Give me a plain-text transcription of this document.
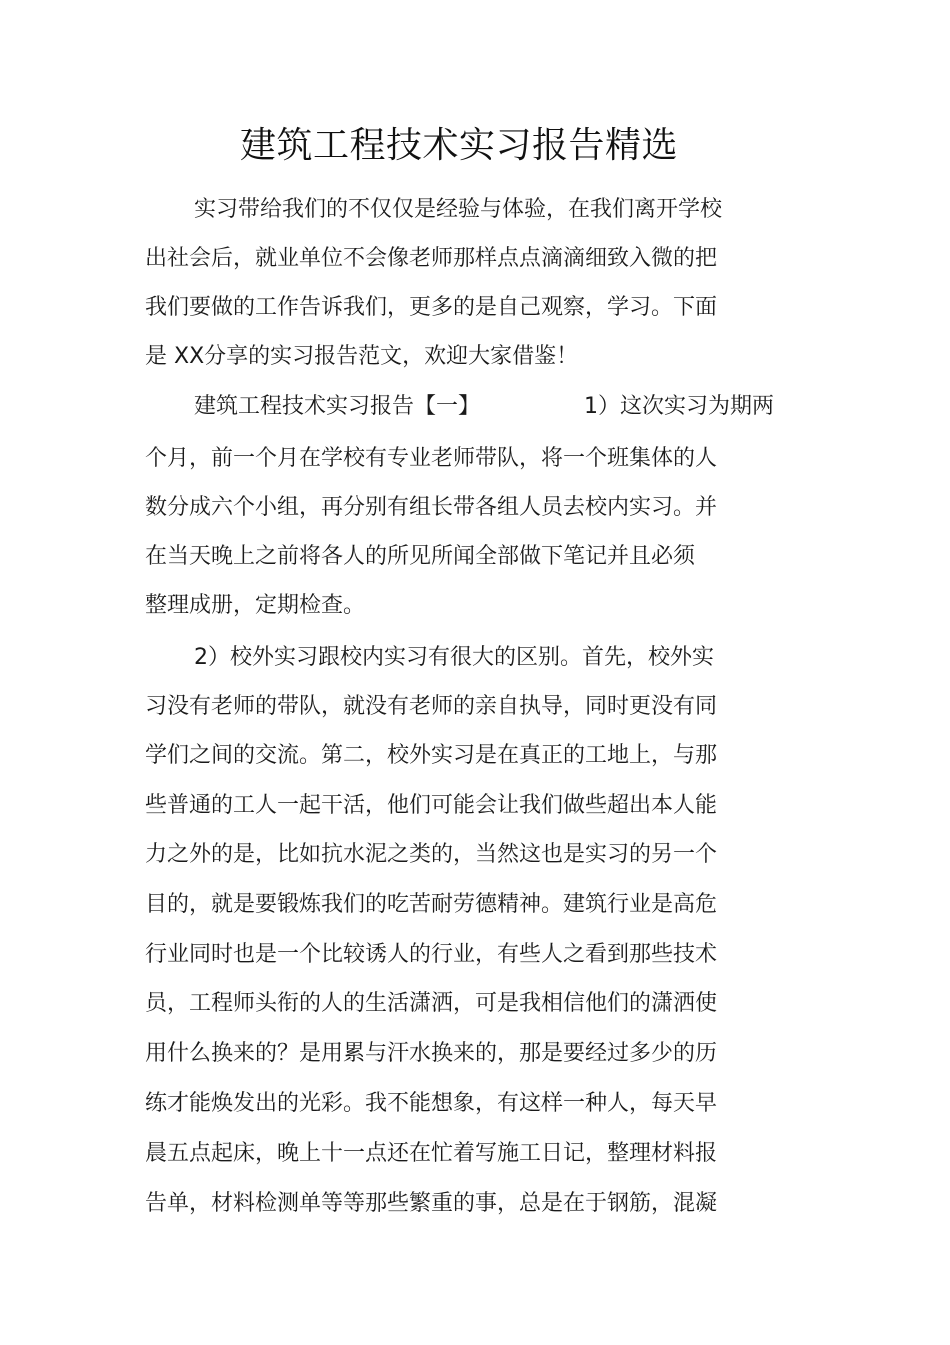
建筑工程技术实习报告精选
实习带给我们的不仅仅是经验与体验，在我们离开学校
出社会后，就业单位不会像老师那样点点滴滴细致入微的把
我们要做的工作告诉我们，更多的是自己观察，学习。下面
是 XX分享的实习报告范文，欢迎大家借鉴！
建筑工程技术实习报告【一】	1）这次实习为期两
个月，前一个月在学校有专业老师带队，将一个班集体的人
数分成六个小组，再分别有组长带各组人员去校内实习。并
在当天晚上之前将各人的所见所闻全部做下笔记并且必须
整理成册，定期检查。
2）校外实习跟校内实习有很大的区别。首先，校外实
习没有老师的带队，就没有老师的亲自执导，同时更没有同
学们之间的交流。第二，校外实习是在真正的工地上，与那
些普通的工人一起干活，他们可能会让我们做些超出本人能
力之外的是，比如抗水泥之类的，当然这也是实习的另一个
目的，就是要锻炼我们的吃苦耐劳德精神。建筑行业是高危
行业同时也是一个比较诱人的行业，有些人之看到那些技术
员，工程师头衔的人的生活潇洒，可是我相信他们的潇洒使
用什么换来的？是用累与汗水换来的，那是要经过多少的历
练才能焕发出的光彩。我不能想象，有这样一种人，每天早
晨五点起床，晚上十一点还在忙着写施工日记，整理材料报
告单，材料检测单等等那些繁重的事，总是在于钢筋，混凝
